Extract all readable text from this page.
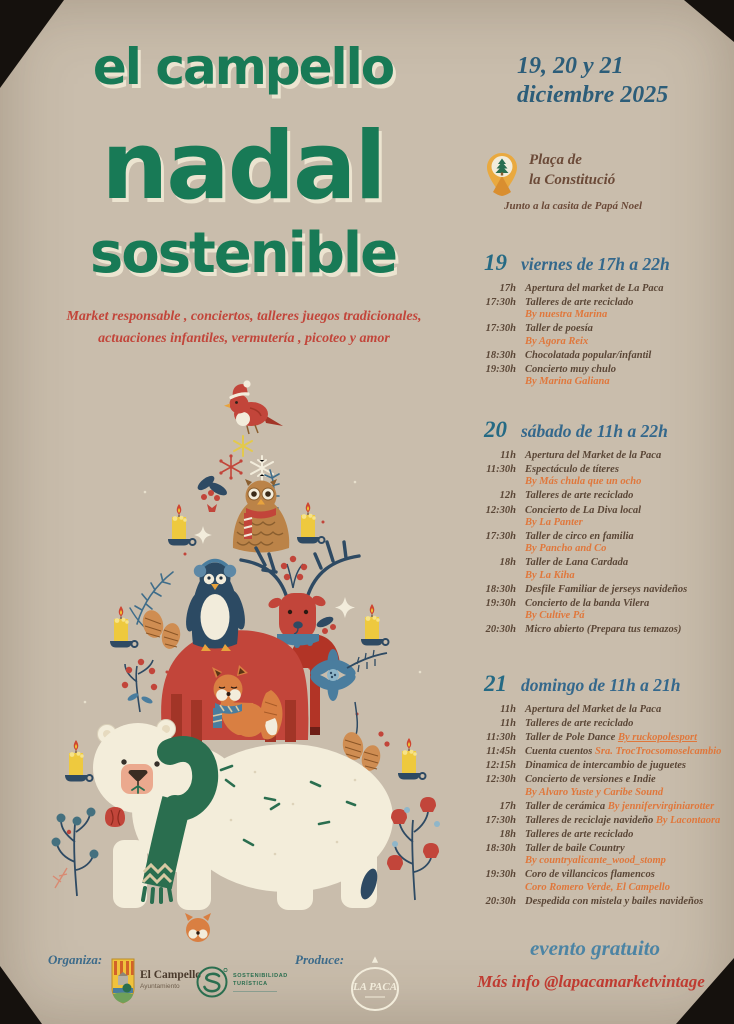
el campello
nadal
sostenible
Market responsable , conciertos, talleres juegos tradicionales,
actuaciones infantiles, vermutería , picoteo y amor
19, 20 y 21
diciembre 2025
Plaça de
la Constitució
Junto a la casita de Papá Noel
19 viernes de 17h a 22h
17h Apertura del market de La Paca
17:30h Talleres de arte reciclado
By nuestra Marina
17:30h Taller de poesía
By Agora Reix
18:30h Chocolatada popular/infantil
19:30h Concierto muy chulo
By Marina Galiana
20 sábado de 11h a 22h
11h Apertura del Market de la Paca
11:30h Espectáculo de títeres
By Más chula que un ocho
12h Talleres de arte reciclado
12:30h Concierto de La Diva local
By La Panter
17:30h Taller de circo en familia
By Pancho and Co
18h Taller de Lana Cardada
By La Kiha
18:30h Desfile Familiar de jerseys navideños
19:30h Concierto de la banda Vilera
By Cultive Pá
20:30h Micro abierto (Prepara tus temazos)
21 domingo de 11h a 21h
11h Apertura del Market de la Paca
11h Talleres de arte reciclado
11:30h Taller de Pole Dance By ruckopolesport
11:45h Cuenta cuentos Sra. TrocTrocsomoselcambio
12:15h Dinamica de intercambio de juguetes
12:30h Concierto de versiones e Indie
By Alvaro Yuste y Caribe Sound
17h Taller de cerámica By jennifervirginiarotter
17:30h Talleres de reciclaje navideño By Lacontaora
18h Talleres de arte reciclado
18:30h Taller de baile Country
By countryalicante_wood_stomp
19:30h Coro de villancicos flamencos
Coro Romero Verde, El Campello
20:30h Despedida con mistela y bailes navideños
evento gratuito
Más info @lapacamarketvintage
Organiza:
El Campello
Ayuntamiento
SOSTENIBILIDAD
TURÍSTICA
Produce:
LA PACA
